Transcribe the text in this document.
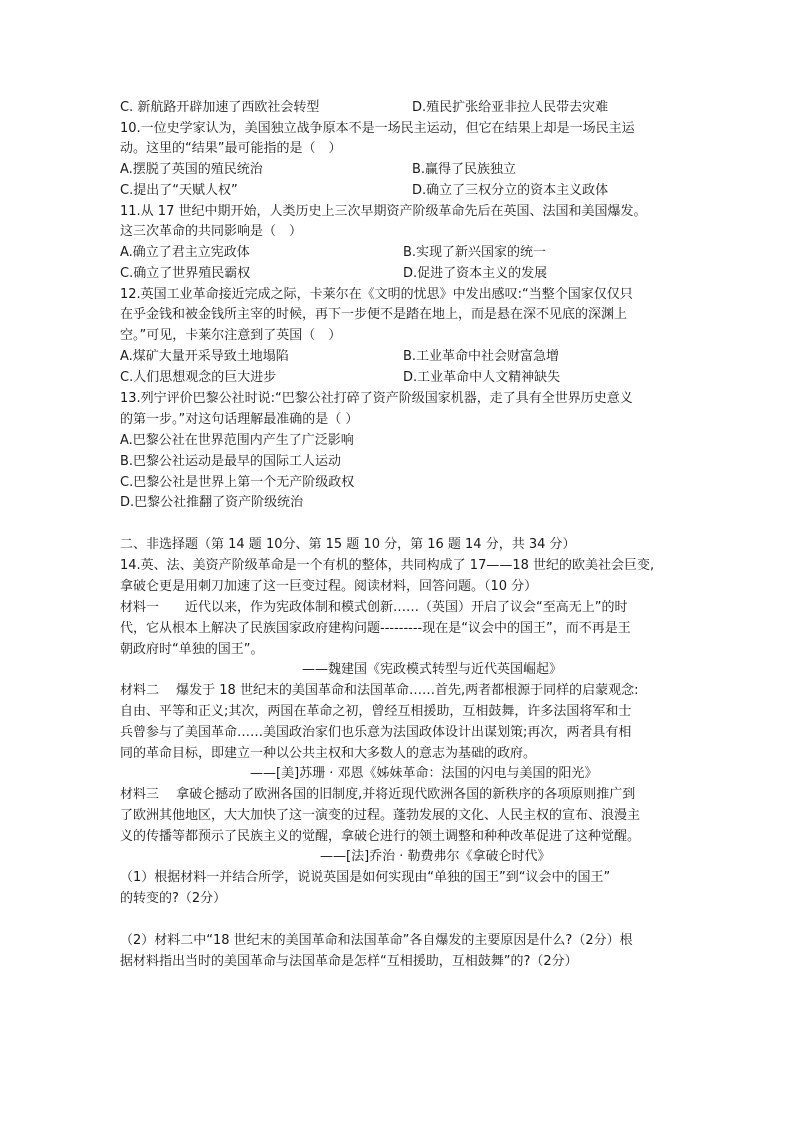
C. 新航路开辟加速了西欧社会转型	D.殖民扩张给亚非拉人民带去灾难
10.一位史学家认为，美国独立战争原本不是一场民主运动，但它在结果上却是一场民主运
动。这里的“结果”最可能指的是（　）
A.摆脱了英国的殖民统治	B.赢得了民族独立
C.提出了“天赋人权”	D.确立了三权分立的资本主义政体
11.从 17 世纪中期开始，人类历史上三次早期资产阶级革命先后在英国、法国和美国爆发。
这三次革命的共同影响是（　）
A.确立了君主立宪政体	B.实现了新兴国家的统一
C.确立了世界殖民霸权	D.促进了资本主义的发展
12.英国工业革命接近完成之际，卡莱尔在《文明的忧思》中发出感叹:“当整个国家仅仅只
在乎金钱和被金钱所主宰的时候，再下一步便不是踏在地上，而是悬在深不见底的深渊上
空。”可见，卡莱尔注意到了英国（　）
A.煤矿大量开采导致土地塌陷	B.工业革命中社会财富急增
C.人们思想观念的巨大进步	D.工业革命中人文精神缺失
13.列宁评价巴黎公社时说:“巴黎公社打碎了资产阶级国家机器，走了具有全世界历史意义
的第一步。”对这句话理解最准确的是（ ）
A.巴黎公社在世界范围内产生了广泛影响
B.巴黎公社运动是最早的国际工人运动
C.巴黎公社是世界上第一个无产阶级政权
D.巴黎公社推翻了资产阶级统治
二、非选择题（第 14 题 10分、第 15 题 10 分，第 16 题 14 分，共 34 分）
14.英、法、美资产阶级革命是一个有机的整体，共同构成了 17——18 世纪的欧美社会巨变,
拿破仑更是用刺刀加速了这一巨变过程。阅读材料，回答问题。（10 分）
材料一　　近代以来，作为宪政体制和模式创新……（英国）开启了议会“至高无上”的时
代，它从根本上解决了民族国家政府建构问题---------现在是“议会中的国王”，而不再是王
朝政府时“单独的国王”。
——魏建国《宪政模式转型与近代英国崛起》
材料二　 爆发于 18 世纪末的美国革命和法国革命……首先,两者都根源于同样的启蒙观念:
自由、平等和正义;其次，两国在革命之初，曾经互相援助，互相鼓舞，许多法国将军和士
兵曾参与了美国革命……美国政治家们也乐意为法国政体设计出谋划策;再次，两者具有相
同的革命目标，即建立一种以公共主权和大多数人的意志为基础的政府。
——[美]苏珊 · 邓恩《姊妹革命：法国的闪电与美国的阳光》
材料三　 拿破仑撼动了欧洲各国的旧制度,并将近现代欧洲各国的新秩序的各项原则推广到
了欧洲其他地区，大大加快了这一演变的过程。蓬勃发展的文化、人民主权的宣布、浪漫主
义的传播等都预示了民族主义的觉醒，拿破仑进行的领土调整和种种改革促进了这种觉醒。
——[法]乔治 · 勒费弗尔《拿破仑时代》
（1）根据材料一并结合所学，说说英国是如何实现由“单独的国王”到“议会中的国王”
的转变的?（2分）
（2）材料二中“18 世纪末的美国革命和法国革命”各自爆发的主要原因是什么?（2分）根
据材料指出当时的美国革命与法国革命是怎样“互相援助，互相鼓舞”的?（2分）
